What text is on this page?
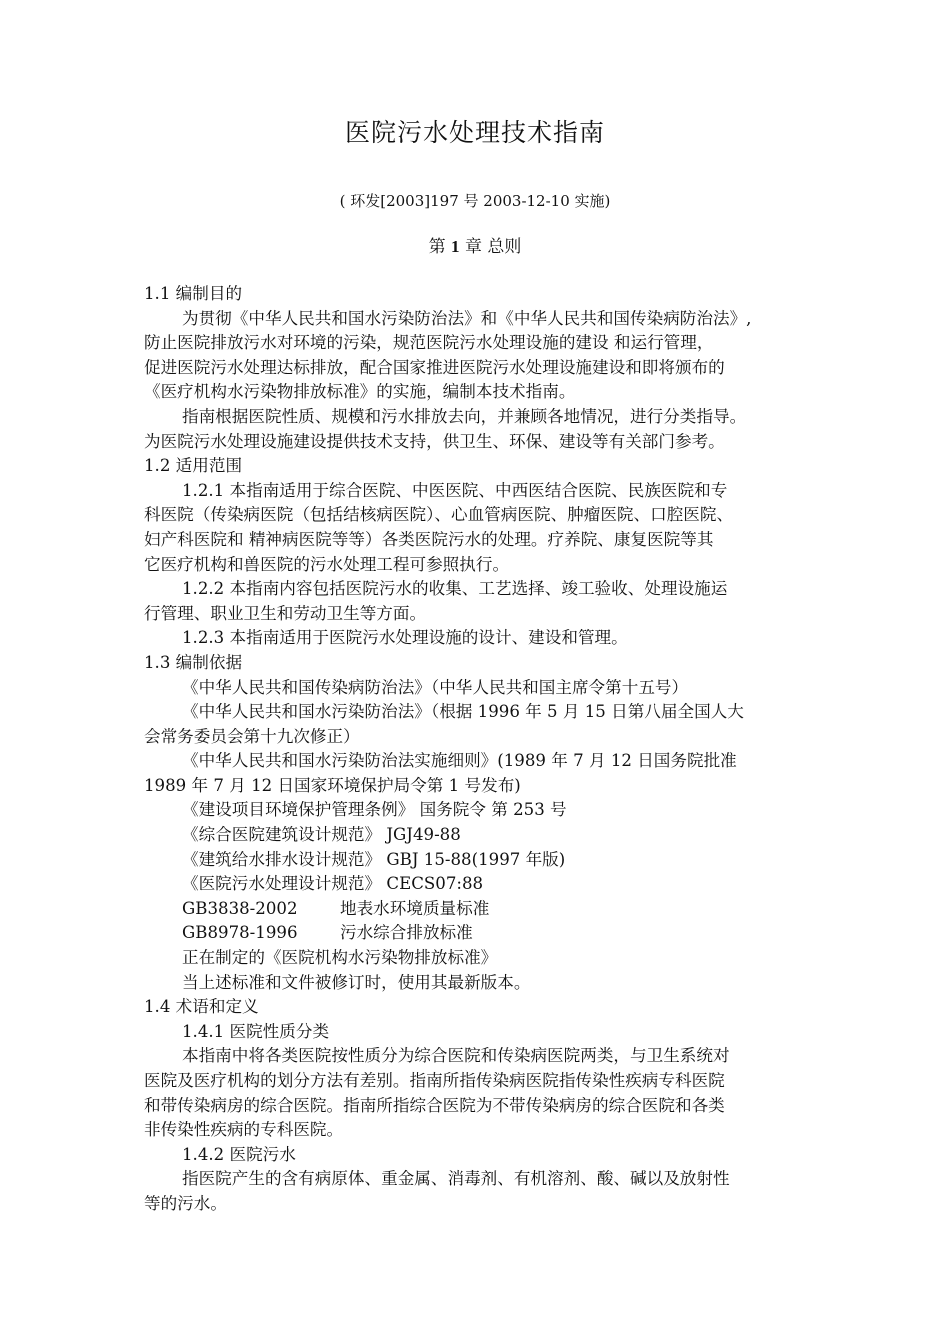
医院污水处理技术指南
( 环发[2003]197 号 2003-12-10 实施)
第 1 章 总则
1.1 编制目的
为贯彻《中华人民共和国水污染防治法》和《中华人民共和国传染病防治法》,
防止医院排放污水对环境的污染，规范医院污水处理设施的建设 和运行管理，
促进医院污水处理达标排放，配合国家推进医院污水处理设施建设和即将颁布的
《医疗机构水污染物排放标准》的实施，编制本技术指南。
指南根据医院性质、规模和污水排放去向，并兼顾各地情况，进行分类指导。
为医院污水处理设施建设提供技术支持，供卫生、环保、建设等有关部门参考。
1.2 适用范围
1.2.1 本指南适用于综合医院、中医医院、中西医结合医院、民族医院和专
科医院（传染病医院（包括结核病医院）、心血管病医院、肿瘤医院、口腔医院、
妇产科医院和 精神病医院等等）各类医院污水的处理。疗养院、康复医院等其
它医疗机构和兽医院的污水处理工程可参照执行。
1.2.2 本指南内容包括医院污水的收集、工艺选择、竣工验收、处理设施运
行管理、职业卫生和劳动卫生等方面。
1.2.3 本指南适用于医院污水处理设施的设计、建设和管理。
1.3 编制依据
《中华人民共和国传染病防治法》（中华人民共和国主席令第十五号）
《中华人民共和国水污染防治法》（根据 1996 年 5 月 15 日第八届全国人大
会常务委员会第十九次修正）
《中华人民共和国水污染防治法实施细则》(1989 年 7 月 12 日国务院批准
1989 年 7 月 12 日国家环境保护局令第 1 号发布)
《建设项目环境保护管理条例》 国务院令 第 253 号
《综合医院建筑设计规范》 JGJ49-88
《建筑给水排水设计规范》 GBJ 15-88(1997 年版)
《医院污水处理设计规范》 CECS07:88
GB3838-2002	地表水环境质量标准
GB8978-1996	污水综合排放标准
正在制定的《医院机构水污染物排放标准》
当上述标准和文件被修订时，使用其最新版本。
1.4 术语和定义
1.4.1 医院性质分类
本指南中将各类医院按性质分为综合医院和传染病医院两类，与卫生系统对
医院及医疗机构的划分方法有差别。指南所指传染病医院指传染性疾病专科医院
和带传染病房的综合医院。指南所指综合医院为不带传染病房的综合医院和各类
非传染性疾病的专科医院。
1.4.2 医院污水
指医院产生的含有病原体、重金属、消毒剂、有机溶剂、酸、碱以及放射性
等的污水。
